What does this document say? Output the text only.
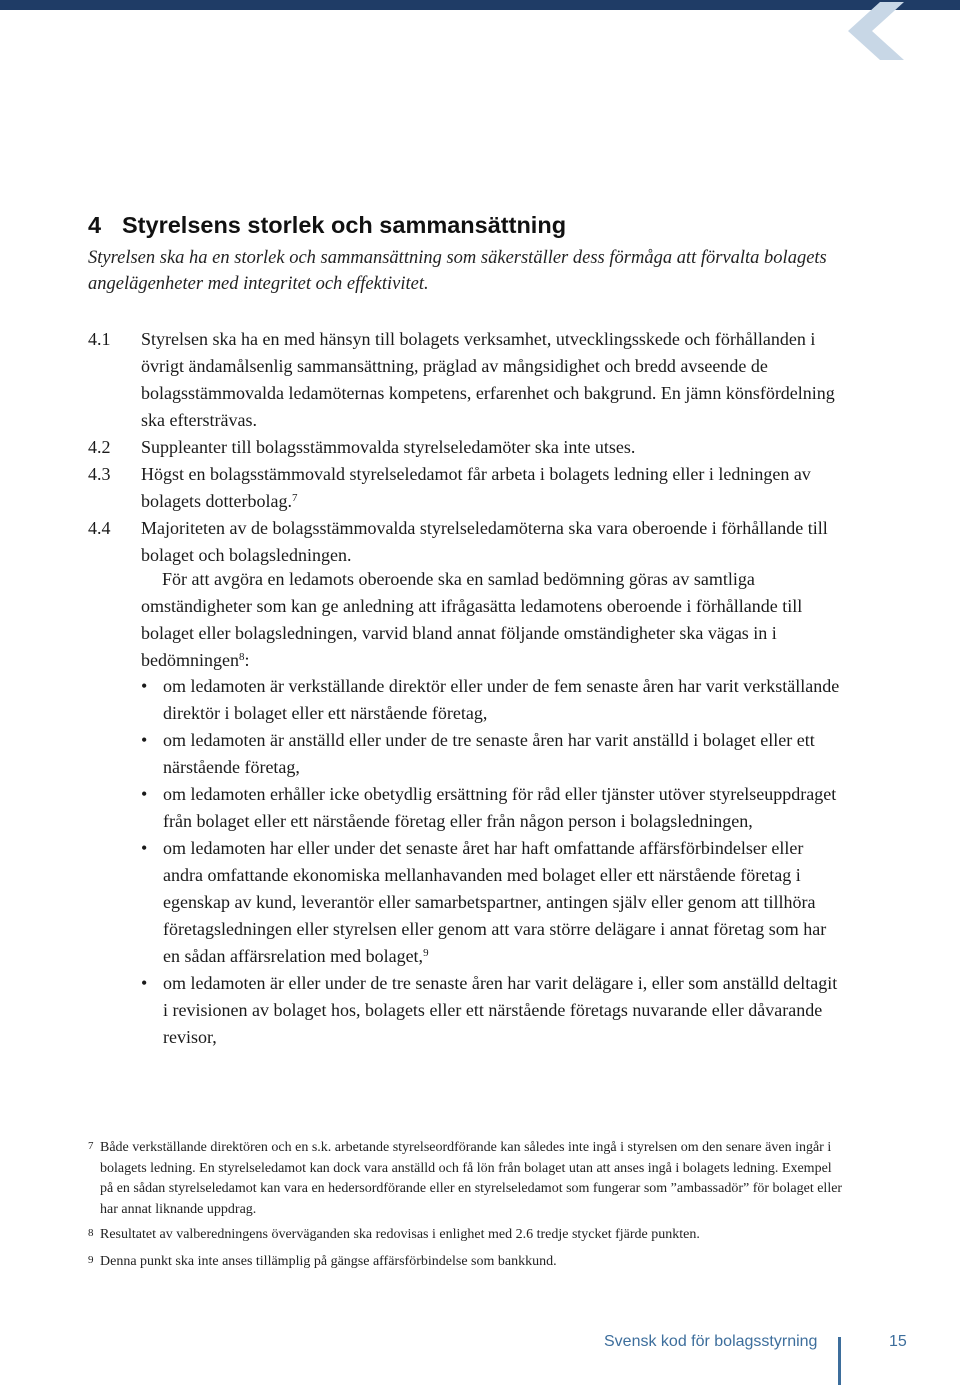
4 Styrelsens storlek och sammansättning
Styrelsen ska ha en storlek och sammansättning som säkerställer dess förmåga att förvalta bolagets angelägenheter med integritet och effektivitet.
4.1	Styrelsen ska ha en med hänsyn till bolagets verksamhet, utvecklingsskede och förhållanden i övrigt ändamålsenlig sammansättning, präglad av mångsidighet och bredd avseende de bolagsstämmovalda ledamöternas kompetens, erfarenhet och bakgrund. En jämn könsfördelning ska eftersträvas.
4.2	Suppleanter till bolagsstämmovalda styrelseledamöter ska inte utses.
4.3	Högst en bolagsstämmovald styrelseledamot får arbeta i bolagets ledning eller i ledningen av bolagets dotterbolag.$^7$
4.4	Majoriteten av de bolagsstämmovalda styrelseledamöterna ska vara oberoende i förhållande till bolaget och bolagsledningen.
För att avgöra en ledamots oberoende ska en samlad bedömning göras av samtliga omständigheter som kan ge anledning att ifrågasätta ledamotens oberoende i förhållande till bolaget eller bolagsledningen, varvid bland annat följande omständigheter ska vägas in i bedömningen$^8$:
• om ledamoten är verkställande direktör eller under de fem senaste åren har varit verkställande direktör i bolaget eller ett närstående företag,
• om ledamoten är anställd eller under de tre senaste åren har varit anställd i bolaget eller ett närstående företag,
• om ledamoten erhåller icke obetydlig ersättning för råd eller tjänster utöver styrelseuppdraget från bolaget eller ett närstående företag eller från någon person i bolagsledningen,
• om ledamoten har eller under det senaste året har haft omfattande affärsförbindelser eller andra omfattande ekonomiska mellanhavanden med bolaget eller ett närstående företag i egenskap av kund, leverantör eller samarbetspartner, antingen själv eller genom att tillhöra företagsledningen eller styrelsen eller genom att vara större delägare i annat företag som har en sådan affärsrelation med bolaget,$^9$
• om ledamoten är eller under de tre senaste åren har varit delägare i, eller som anställd deltagit i revisionen av bolaget hos, bolagets eller ett närstående företags nuvarande eller dåvarande revisor,
7 Både verkställande direktören och en s.k. arbetande styrelseordförande kan således inte ingå i styrelsen om den senare även ingår i bolagets ledning. En styrelseledamot kan dock vara anställd och få lön från bolaget utan att anses ingå i bolagets ledning. Exempel på en sådan styrelseledamot kan vara en hedersordförande eller en styrelseledamot som fungerar som ”ambassadör” för bolaget eller har annat liknande uppdrag.
8 Resultatet av valberedningens överväganden ska redovisas i enlighet med 2.6 tredje stycket fjärde punkten.
9 Denna punkt ska inte anses tillämplig på gängse affärsförbindelse som bankkund.
Svensk kod för bolagsstyrning	15
